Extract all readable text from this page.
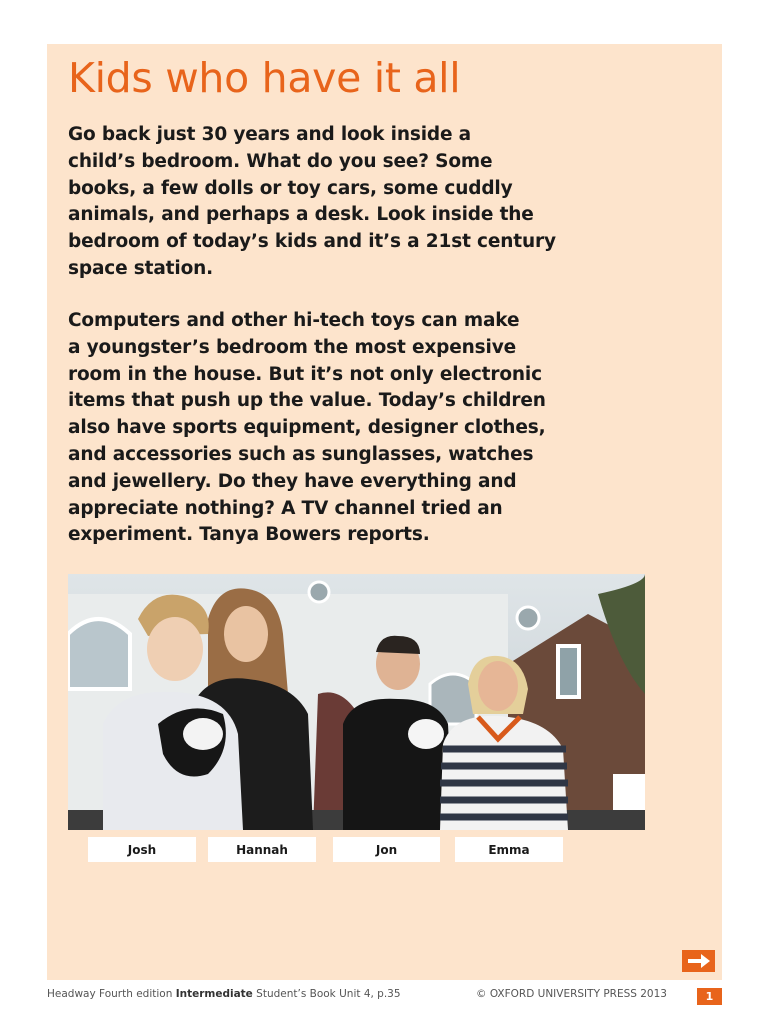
Kids who have it all

Go back just 30 years and look inside a
child’s bedroom. What do you see? Some
books, a few dolls or toy cars, some cuddly
animals, and perhaps a desk. Look inside the
bedroom of today’s kids and it’s a 21st century
space station.

Computers and other hi-tech toys can make
a youngster’s bedroom the most expensive
room in the house. But it’s not only electronic
items that push up the value. Today’s children
also have sports equipment, designer clothes,
and accessories such as sunglasses, watches
and jewellery. Do they have everything and
appreciate nothing? A TV channel tried an
experiment. Tanya Bowers reports.

Josh	Hannah	Jon	Emma
Headway Fourth edition Intermediate Student’s Book Unit 4, p.35	© OXFORD UNIVERSITY PRESS 2013	1
